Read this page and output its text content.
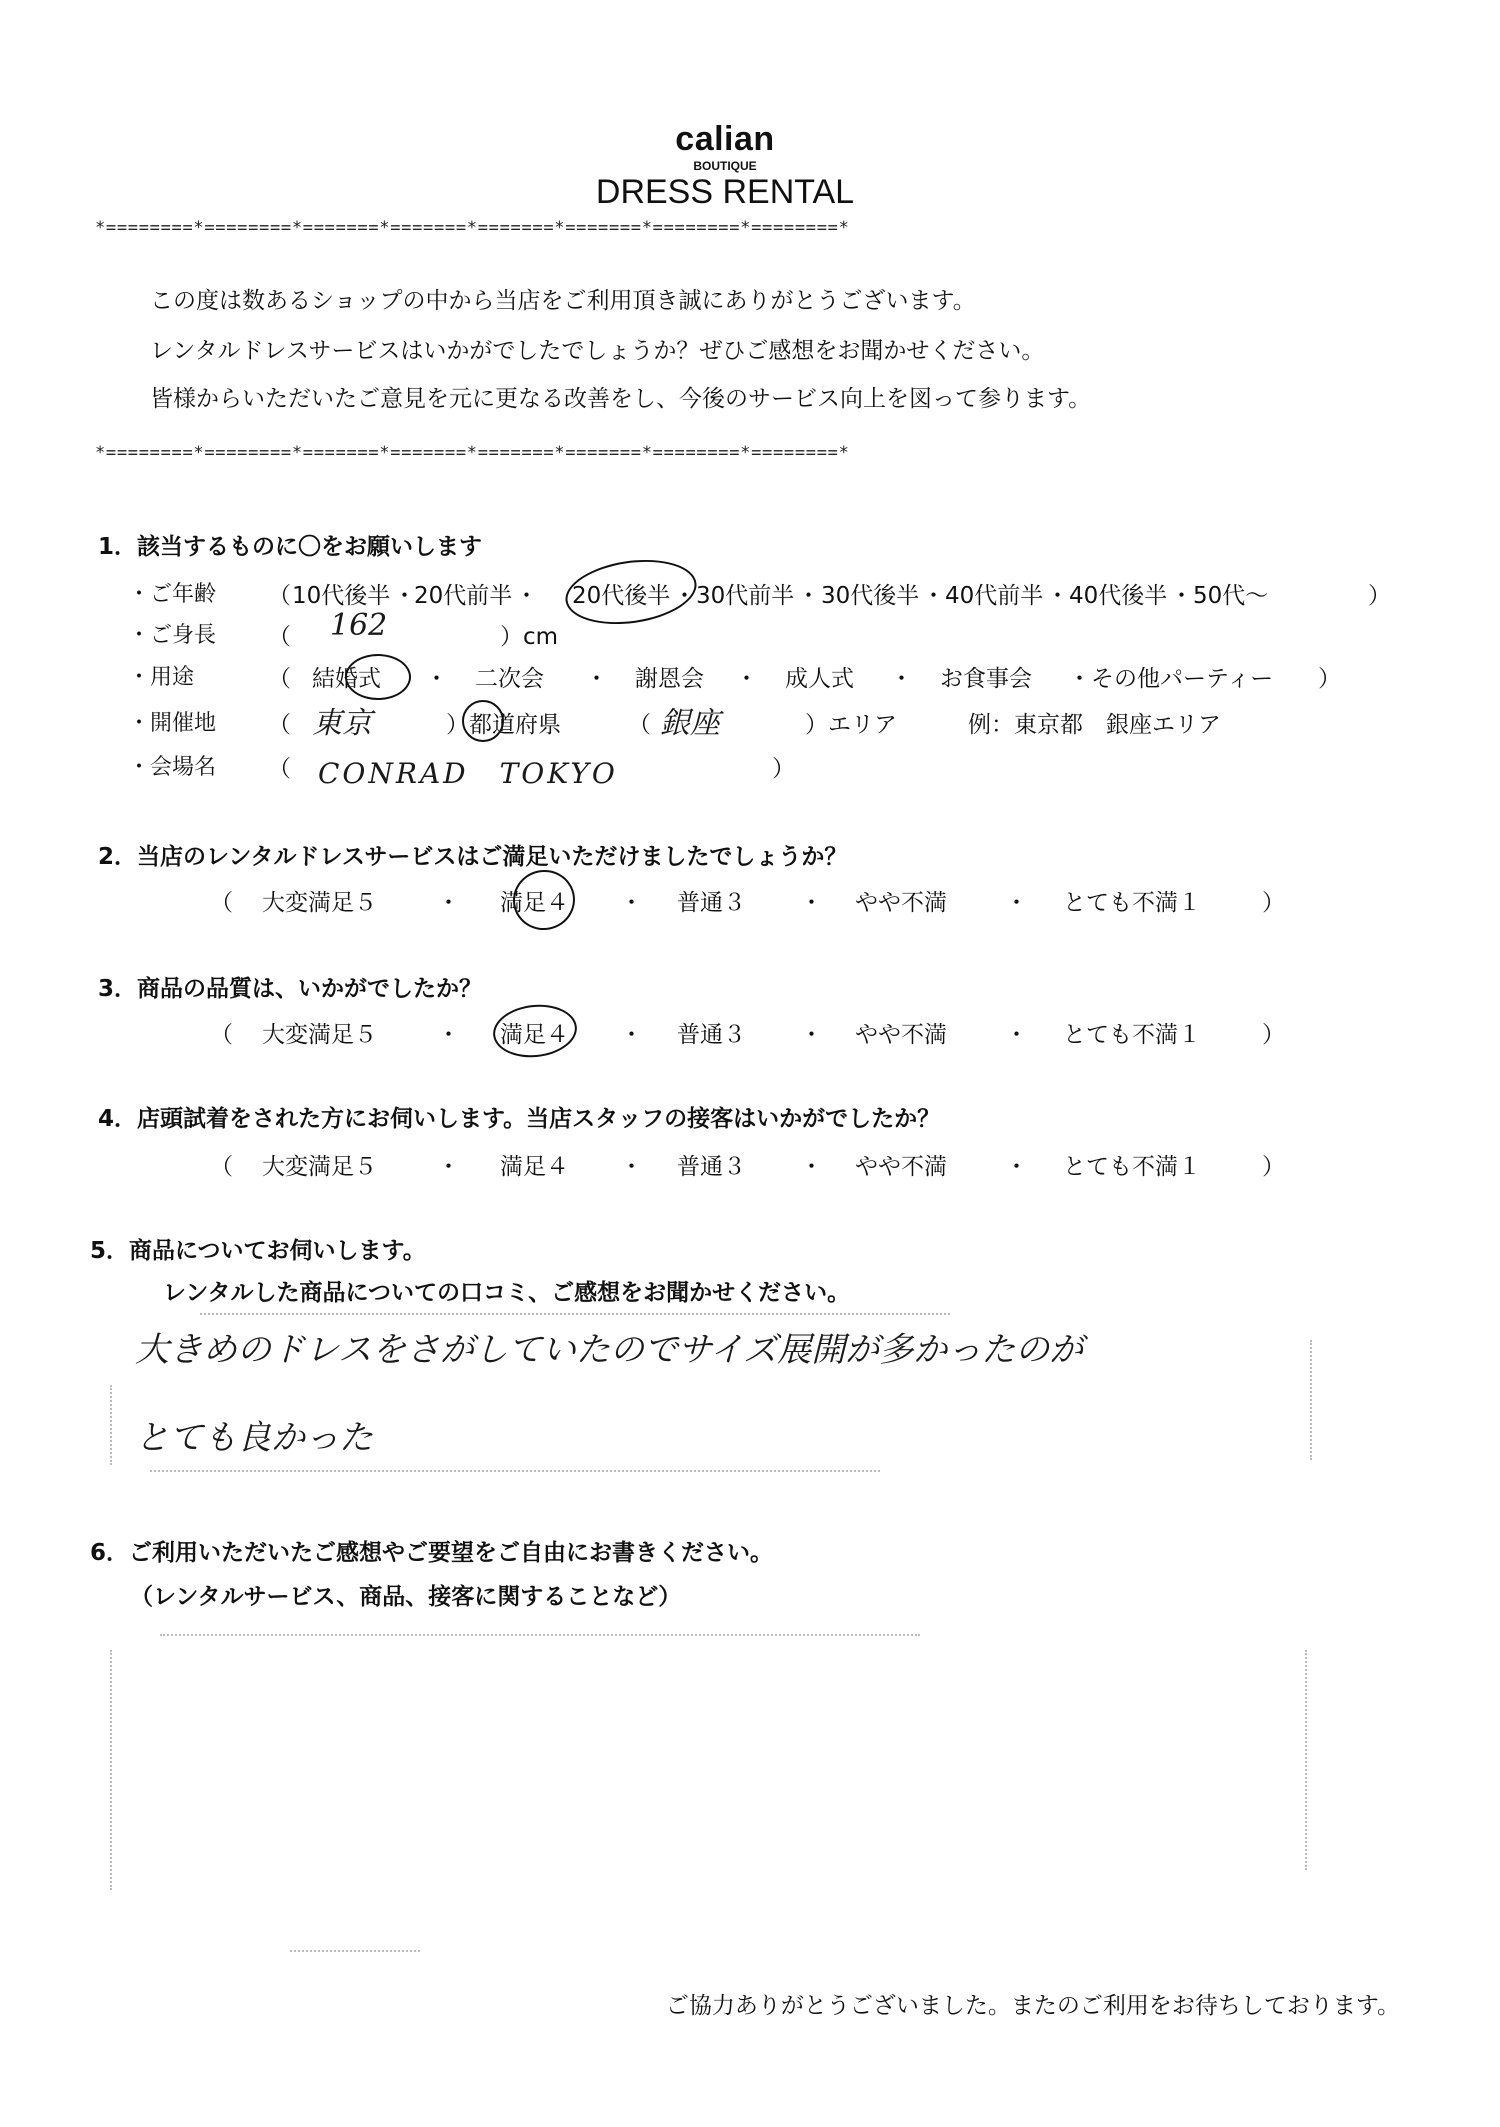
calian
BOUTIQUE
DRESS RENTAL
*========*========*=======*=======*=======*=======*========*========*
この度は数あるショップの中から当店をご利用頂き誠にありがとうございます。
レンタルドレスサービスはいかがでしたでしょうか？ぜひご感想をお聞かせください。
皆様からいただいたご意見を元に更なる改善をし、今後のサービス向上を図って参ります。
*========*========*=======*=======*=======*=======*========*========*
1．該当するものに〇をお願いします
・ご年齢 （ 10代後半 ・
20代前半 ・ 20代後半 ・ 30代前半 ・ 30代後半 ・ 40代前半 ・ 40代後半 ・ 50代〜	）
・ご身長 （ 162	）cm
・用途	（ 結婚式 ・ 二次会 ・ 謝恩会 ・ 成人式 ・ お食事会 ・その他パーティー ）
・開催地 （ 東京	）都道府県	（ 銀座	）エリア	例：東京都　銀座エリア
・会場名 （ CONRAD　TOKYO	）
2．当店のレンタルドレスサービスはご満足いただけましたでしょうか？
（ 大変満足５	・ 満足４ ・ 普通３ ・ やや不満	・ とても不満１	）
3．商品の品質は、いかがでしたか？
（ 大変満足５	・ 満足４ ・ 普通３ ・ やや不満	・ とても不満１	）
4．店頭試着をされた方にお伺いします。当店スタッフの接客はいかがでしたか？
（ 大変満足５	・ 満足４ ・ 普通３ ・ やや不満	・ とても不満１	）
5．商品についてお伺いします。
レンタルした商品についての口コミ、ご感想をお聞かせください。
大きめのドレスをさがしていたのでサイズ展開が多かったのが
とても良かった
6．ご利用いただいたご感想やご要望をご自由にお書きください。
（レンタルサービス、商品、接客に関することなど）
ご協力ありがとうございました。またのご利用をお待ちしております。
